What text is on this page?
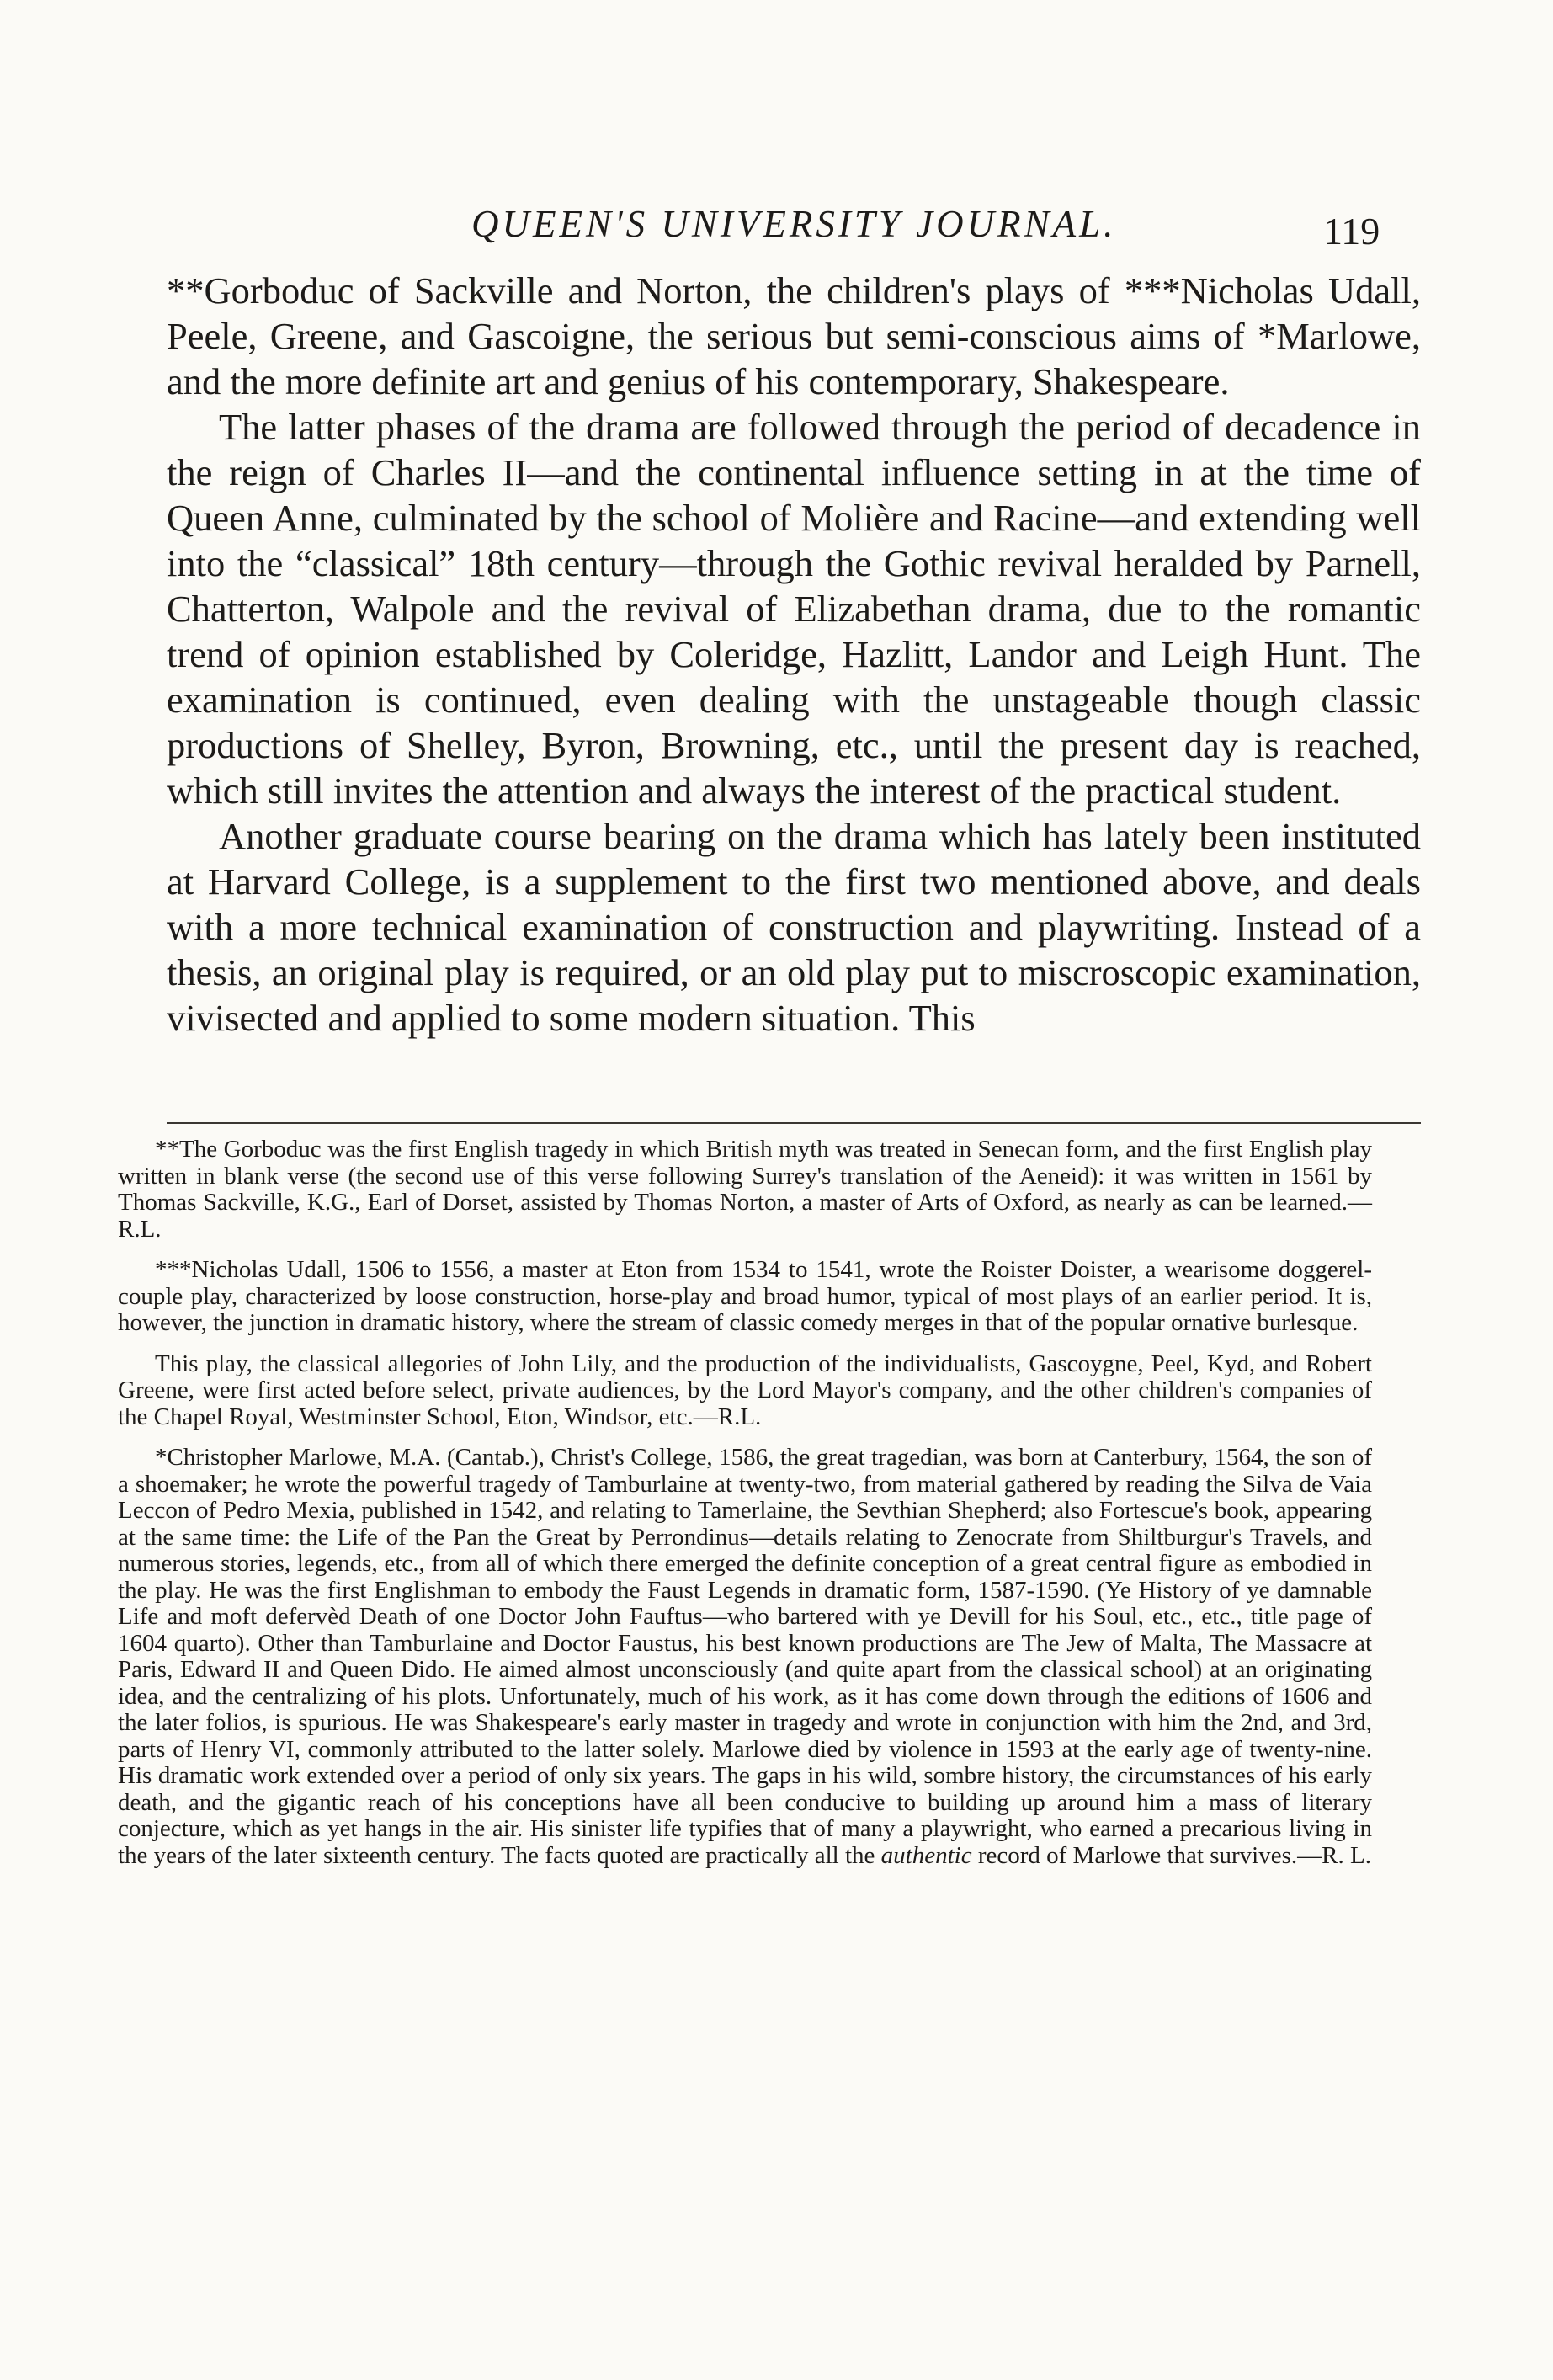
QUEEN'S UNIVERSITY JOURNAL.	119

**Gorboduc of Sackville and Norton, the children's plays of ***Nicholas Udall, Peele, Greene, and Gascoigne, the serious but semi-conscious aims of *Marlowe, and the more definite art and genius of his contemporary, Shakespeare.

The latter phases of the drama are followed through the period of decadence in the reign of Charles II—and the continental influence setting in at the time of Queen Anne, culminated by the school of Molière and Racine—and extending well into the “classical” 18th century—through the Gothic revival heralded by Parnell, Chatterton, Walpole and the revival of Elizabethan drama, due to the romantic trend of opinion established by Coleridge, Hazlitt, Landor and Leigh Hunt. The examination is continued, even dealing with the unstageable though classic productions of Shelley, Byron, Browning, etc., until the present day is reached, which still invites the attention and always the interest of the practical student.

Another graduate course bearing on the drama which has lately been instituted at Harvard College, is a supplement to the first two mentioned above, and deals with a more technical examination of construction and playwriting. Instead of a thesis, an original play is required, or an old play put to miscroscopic examination, vivisected and applied to some modern situation. This

**The Gorboduc was the first English tragedy in which British myth was treated in Senecan form, and the first English play written in blank verse (the second use of this verse following Surrey's translation of the Aeneid): it was written in 1561 by Thomas Sackville, K.G., Earl of Dorset, assisted by Thomas Norton, a master of Arts of Oxford, as nearly as can be learned.—R.L.

***Nicholas Udall, 1506 to 1556, a master at Eton from 1534 to 1541, wrote the Roister Doister, a wearisome doggerel-couple play, characterized by loose construction, horse-play and broad humor, typical of most plays of an earlier period. It is, however, the junction in dramatic history, where the stream of classic comedy merges in that of the popular ornative burlesque.

This play, the classical allegories of John Lily, and the production of the individualists, Gascoygne, Peel, Kyd, and Robert Greene, were first acted before select, private audiences, by the Lord Mayor's company, and the other children's companies of the Chapel Royal, Westminster School, Eton, Windsor, etc.—R.L.

*Christopher Marlowe, M.A. (Cantab.), Christ's College, 1586, the great tragedian, was born at Canterbury, 1564, the son of a shoemaker; he wrote the powerful tragedy of Tamburlaine at twenty-two, from material gathered by reading the Silva de Vaia Leccon of Pedro Mexia, published in 1542, and relating to Tamerlaine, the Sevthian Shepherd; also Fortescue's book, appearing at the same time: the Life of the Pan the Great by Perrondinus—details relating to Zenocrate from Shiltburgur's Travels, and numerous stories, legends, etc., from all of which there emerged the definite conception of a great central figure as embodied in the play. He was the first Englishman to embody the Faust Legends in dramatic form, 1587-1590. (Ye History of ye damnable Life and moft defervèd Death of one Doctor John Fauftus—who bartered with ye Devill for his Soul, etc., etc., title page of 1604 quarto). Other than Tamburlaine and Doctor Faustus, his best known productions are The Jew of Malta, The Massacre at Paris, Edward II and Queen Dido. He aimed almost unconsciously (and quite apart from the classical school) at an originating idea, and the centralizing of his plots. Unfortunately, much of his work, as it has come down through the editions of 1606 and the later folios, is spurious. He was Shakespeare's early master in tragedy and wrote in conjunction with him the 2nd, and 3rd, parts of Henry VI, commonly attributed to the latter solely. Marlowe died by violence in 1593 at the early age of twenty-nine. His dramatic work extended over a period of only six years. The gaps in his wild, sombre history, the circumstances of his early death, and the gigantic reach of his conceptions have all been conducive to building up around him a mass of literary conjecture, which as yet hangs in the air. His sinister life typifies that of many a playwright, who earned a precarious living in the years of the later sixteenth century. The facts quoted are practically all the authentic record of Marlowe that survives.—R. L.
